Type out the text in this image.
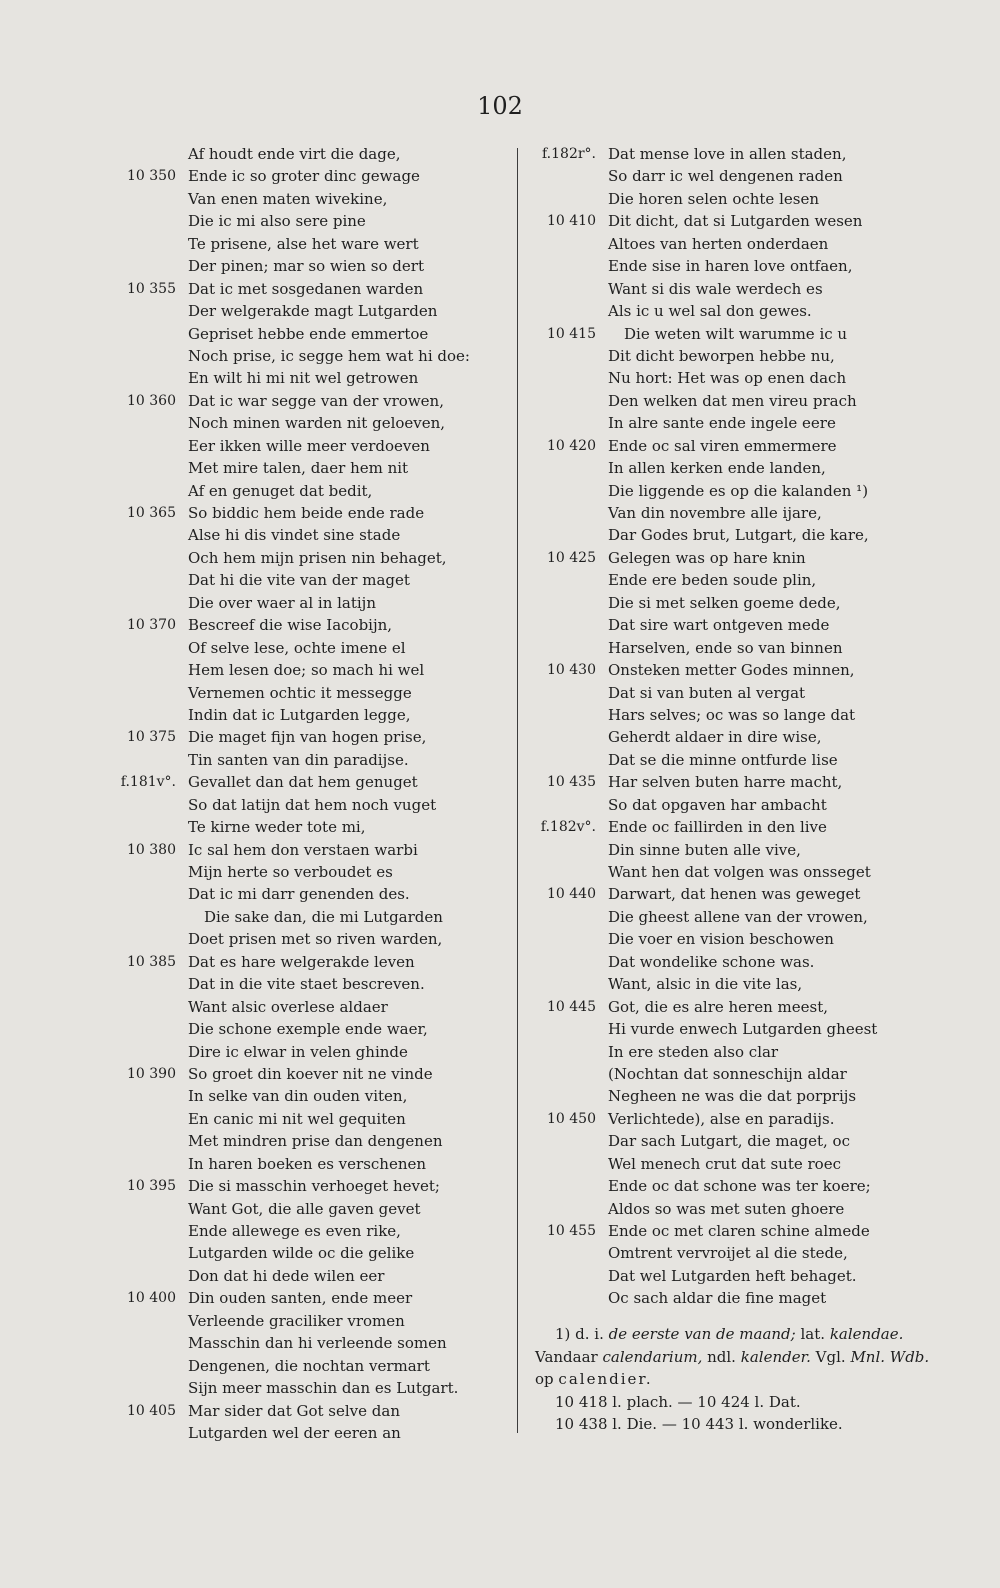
102
Af houdt ende virt die dage,
10 350 Ende ic so groter dinc gewage
Van enen maten wivekine,
Die ic mi also sere pine
Te prisene, alse het ware wert
Der pinen; mar so wien so dert
10 355 Dat ic met sosgedanen warden
Der welgerakde magt Lutgarden
Gepriset hebbe ende emmertoe
Noch prise, ic segge hem wat hi doe:
En wilt hi mi nit wel getrowen
10 360 Dat ic war segge van der vrowen,
Noch minen warden nit geloeven,
Eer ikken wille meer verdoeven
Met mire talen, daer hem nit
Af en genuget dat bedit,
10 365 So biddic hem beide ende rade
Alse hi dis vindet sine stade
Och hem mijn prisen nin behaget,
Dat hi die vite van der maget
Die over waer al in latijn
10 370 Bescreef die wise Iacobijn,
Of selve lese, ochte imene el
Hem lesen doe; so mach hi wel
Vernemen ochtic it messegge
Indin dat ic Lutgarden legge,
10 375 Die maget fijn van hogen prise,
Tin santen van din paradijse.
f.181v°. Gevallet dan dat hem genuget
So dat latijn dat hem noch vuget
Te kirne weder tote mi,
10 380 Ic sal hem don verstaen warbi
Mijn herte so verboudet es
Dat ic mi darr genenden des.
Die sake dan, die mi Lutgarden
Doet prisen met so riven warden,
10 385 Dat es hare welgerakde leven
Dat in die vite staet bescreven.
Want alsic overlese aldaer
Die schone exemple ende waer,
Dire ic elwar in velen ghinde
10 390 So groet din koever nit ne vinde
In selke van din ouden viten,
En canic mi nit wel gequiten
Met mindren prise dan dengenen
In haren boeken es verschenen
10 395 Die si masschin verhoeget hevet;
Want Got, die alle gaven gevet
Ende allewege es even rike,
Lutgarden wilde oc die gelike
Don dat hi dede wilen eer
10 400 Din ouden santen, ende meer
Verleende graciliker vromen
Masschin dan hi verleende somen
Dengenen, die nochtan vermart
Sijn meer masschin dan es Lutgart.
10 405 Mar sider dat Got selve dan
Lutgarden wel der eeren an
f.182r°. Dat mense love in allen staden,
So darr ic wel dengenen raden
Die horen selen ochte lesen
10 410 Dit dicht, dat si Lutgarden wesen
Altoes van herten onderdaen
Ende sise in haren love ontfaen,
Want si dis wale werdech es
Als ic u wel sal don gewes.
10 415	Die weten wilt warumme ic u
Dit dicht beworpen hebbe nu,
Nu hort: Het was op enen dach
Den welken dat men vireu prach
In alre sante ende ingele eere
10 420 Ende oc sal viren emmermere
In allen kerken ende landen,
Die liggende es op die kalanden ¹)
Van din novembre alle ijare,
Dar Godes brut, Lutgart, die kare,
10 425 Gelegen was op hare knin
Ende ere beden soude plin,
Die si met selken goeme dede,
Dat sire wart ontgeven mede
Harselven, ende so van binnen
10 430 Onsteken metter Godes minnen,
Dat si van buten al vergat
Hars selves; oc was so lange dat
Geherdt aldaer in dire wise,
Dat se die minne ontfurde lise
10 435 Har selven buten harre macht,
So dat opgaven har ambacht
f.182v°. Ende oc faillirden in den live
Din sinne buten alle vive,
Want hen dat volgen was onsseget
10 440 Darwart, dat henen was geweget
Die gheest allene van der vrowen,
Die voer en vision beschowen
Dat wondelike schone was.
Want, alsic in die vite las,
10 445 Got, die es alre heren meest,
Hi vurde enwech Lutgarden gheest
In ere steden also clar
(Nochtan dat sonneschijn aldar
Negheen ne was die dat porprijs
10 450 Verlichtede), alse en paradijs.
Dar sach Lutgart, die maget, oc
Wel menech crut dat sute roec
Ende oc dat schone was ter koere;
Aldos so was met suten ghoere
10 455 Ende oc met claren schine almede
Omtrent vervroijet al die stede,
Dat wel Lutgarden heft behaget.
Oc sach aldar die fine maget
1) d. i. de eerste van de maand; lat. kalendae.
Vandaar calendarium, ndl. kalender. Vgl. Mnl. Wdb.
op calendier.
10 418 l. plach. — 10 424 l. Dat.
10 438 l. Die. — 10 443 l. wonderlike.
